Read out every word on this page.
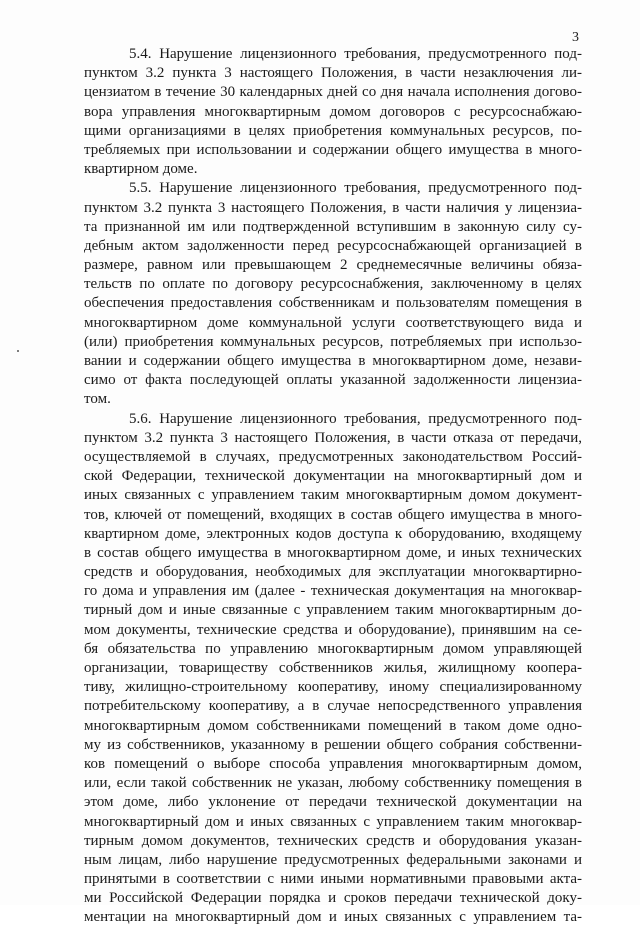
3
5.4. Нарушение лицензионного требования, предусмотренного под-
пунктом 3.2 пункта 3 настоящего Положения, в части незаключения ли-
цензиатом в течение 30 календарных дней со дня начала исполнения догово-
вора управления многоквартирным домом договоров с ресурсоснабжаю-
щими организациями в целях приобретения коммунальных ресурсов, по-
требляемых при использовании и содержании общего имущества в много-
квартирном доме.
5.5. Нарушение лицензионного требования, предусмотренного под-
пунктом 3.2 пункта 3 настоящего Положения, в части наличия у лицензиа-
та признанной им или подтвержденной вступившим в законную силу су-
дебным актом задолженности перед ресурсоснабжающей организацией в
размере, равном или превышающем 2 среднемесячные величины обяза-
тельств по оплате по договору ресурсоснабжения, заключенному в целях
обеспечения предоставления собственникам и пользователям помещения в
многоквартирном доме коммунальной услуги соответствующего вида и
(или) приобретения коммунальных ресурсов, потребляемых при использо-
вании и содержании общего имущества в многоквартирном доме, незави-
симо от факта последующей оплаты указанной задолженности лицензиа-
том.
5.6. Нарушение лицензионного требования, предусмотренного под-
пунктом 3.2 пункта 3 настоящего Положения, в части отказа от передачи,
осуществляемой в случаях, предусмотренных законодательством Россий-
ской Федерации, технической документации на многоквартирный дом и
иных связанных с управлением таким многоквартирным домом документ-
тов, ключей от помещений, входящих в состав общего имущества в много-
квартирном доме, электронных кодов доступа к оборудованию, входящему
в состав общего имущества в многоквартирном доме, и иных технических
средств и оборудования, необходимых для эксплуатации многоквартирно-
го дома и управления им (далее - техническая документация на многоквар-
тирный дом и иные связанные с управлением таким многоквартирным до-
мом документы, технические средства и оборудование), принявшим на се-
бя обязательства по управлению многоквартирным домом управляющей
организации, товариществу собственников жилья, жилищному коопера-
тиву, жилищно-строительному кооперативу, иному специализированному
потребительскому кооперативу, а в случае непосредственного управления
многоквартирным домом собственниками помещений в таком доме одно-
му из собственников, указанному в решении общего собрания собственни-
ков помещений о выборе способа управления многоквартирным домом,
или, если такой собственник не указан, любому собственнику помещения в
этом доме, либо уклонение от передачи технической документации на
многоквартирный дом и иных связанных с управлением таким многоквар-
тирным домом документов, технических средств и оборудования указан-
ным лицам, либо нарушение предусмотренных федеральными законами и
принятыми в соответствии с ними иными нормативными правовыми акта-
ми Российской Федерации порядка и сроков передачи технической доку-
ментации на многоквартирный дом и иных связанных с управлением та-
